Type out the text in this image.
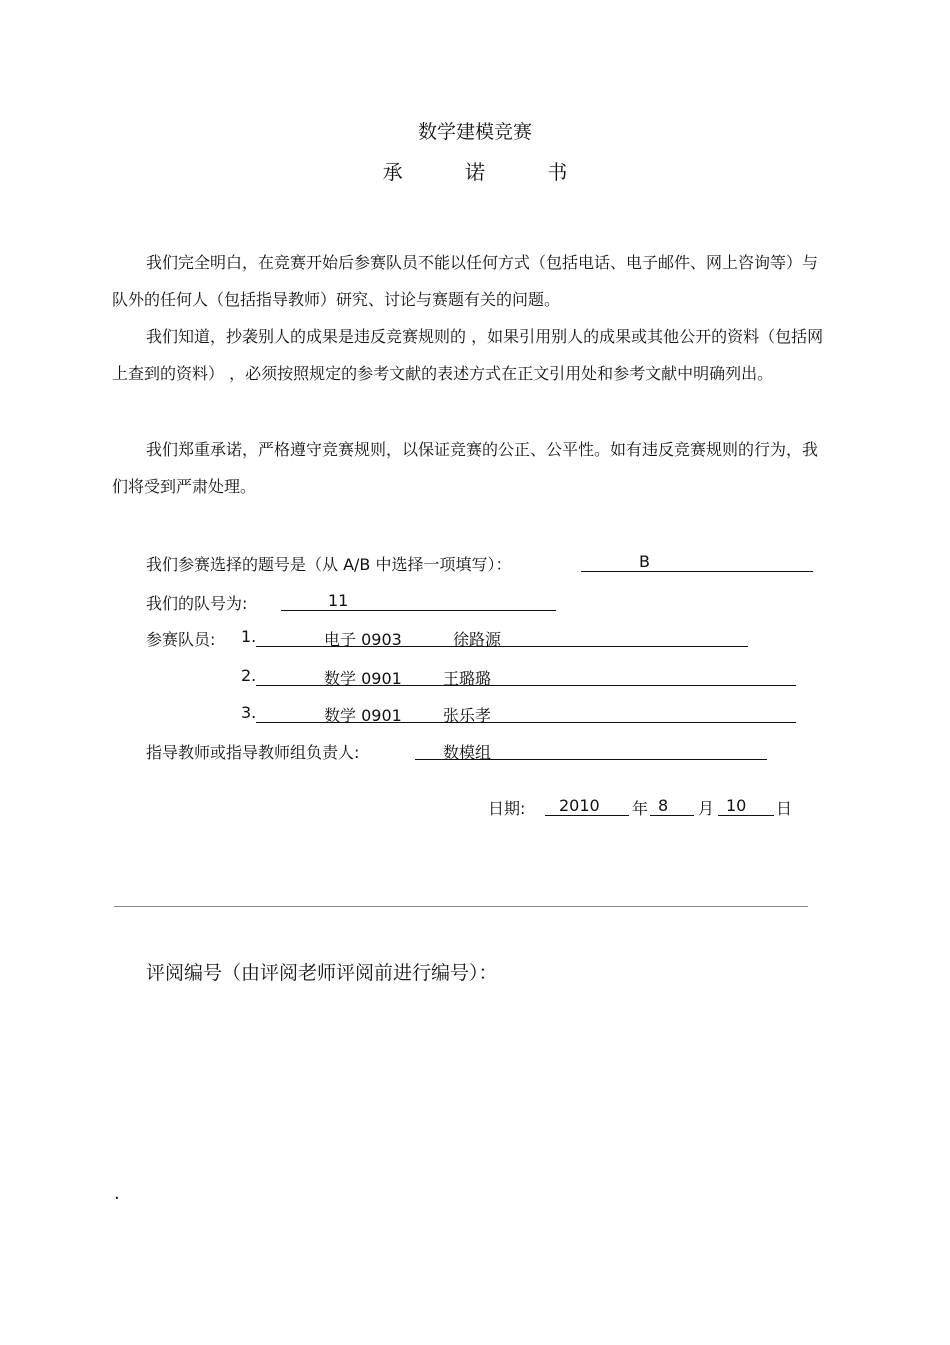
数学建模竞赛
承 诺 书
我们完全明白，在竞赛开始后参赛队员不能以任何方式（包括电话、电子邮件、网上咨询等）与队外的任何人（包括指导教师）研究、讨论与赛题有关的问题。
我们知道，抄袭别人的成果是违反竞赛规则的 ，如果引用别人的成果或其他公开的资料（包括网上查到的资料） ，必须按照规定的参考文献的表述方式在正文引用处和参考文献中明确列出。
我们郑重承诺，严格遵守竞赛规则，以保证竞赛的公正、公平性。如有违反竞赛规则的行为，我们将受到严肃处理。
我们参赛选择的题号是（从 A/B 中选择一项填写）：	B
我们的队号为:	11
参赛队员: 1.	电子 0903	徐路源
2.	数学 0901	王璐璐
3.	数学 0901	张乐孝
指导教师或指导教师组负责人:	数模组
日期: 2010 年 8 月 10 日
评阅编号（由评阅老师评阅前进行编号）：
.
